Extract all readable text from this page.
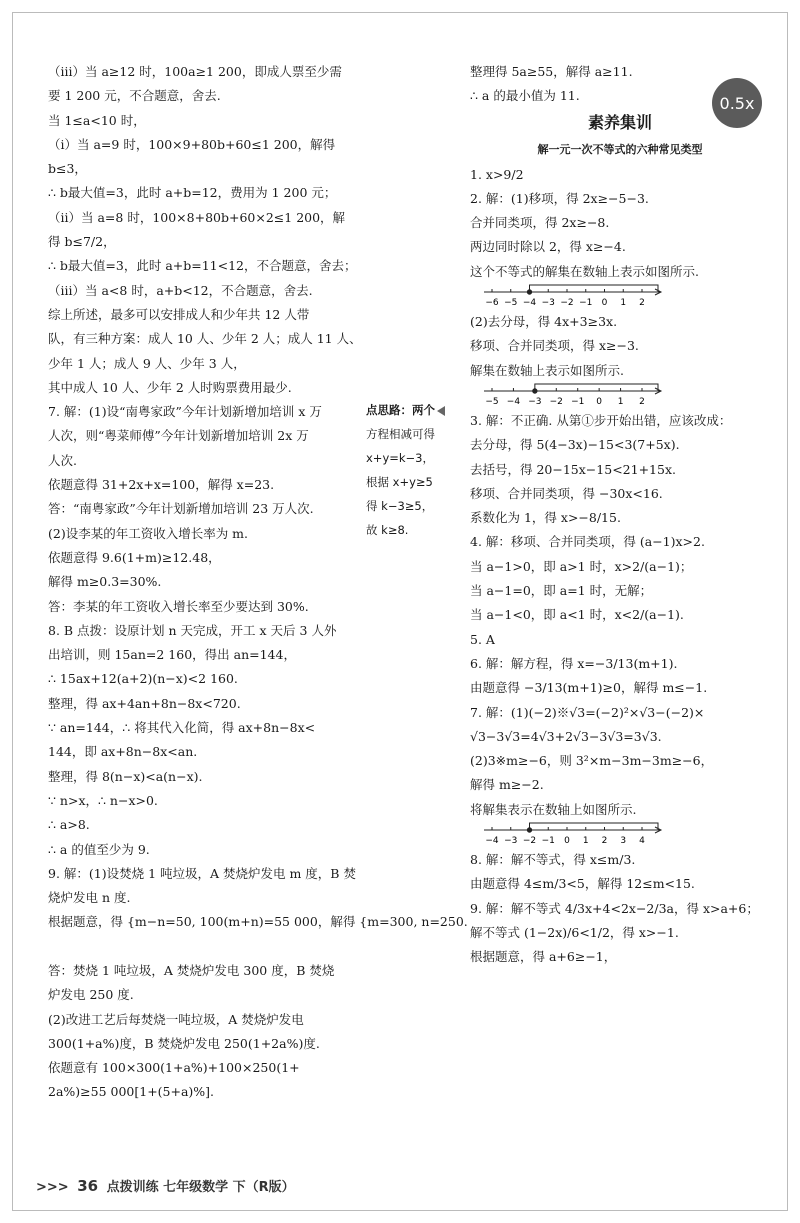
（ⅲ）当 a≥12 时，100a≥1 200，即成人票至少需
要 1 200 元，不合题意，舍去.
当 1≤a<10 时，
（ⅰ）当 a=9 时，100×9+80b+60≤1 200，解得
b≤3，
∴ b最大值=3，此时 a+b=12，费用为 1 200 元；
（ⅱ）当 a=8 时，100×8+80b+60×2≤1 200，解
得 b≤7/2，
∴ b最大值=3，此时 a+b=11<12，不合题意，舍去；
（ⅲ）当 a<8 时，a+b<12，不合题意，舍去.
综上所述，最多可以安排成人和少年共 12 人带
队，有三种方案：成人 10 人、少年 2 人；成人 11 人、
少年 1 人；成人 9 人、少年 3 人，
其中成人 10 人、少年 2 人时购票费用最少.
7. 解：(1)设“南粤家政”今年计划新增加培训 x 万
人次，则“粤菜师傅”今年计划新增加培训 2x 万
人次.
依题意得 31+2x+x=100，解得 x=23.
答：“南粤家政”今年计划新增加培训 23 万人次.
(2)设李某的年工资收入增长率为 m.
依题意得 9.6(1+m)≥12.48，
解得 m≥0.3=30%.
答：李某的年工资收入增长率至少要达到 30%.
8. B 点拨：设原计划 n 天完成，开工 x 天后 3 人外
出培训，则 15an=2 160，得出 an=144，
∴ 15ax+12(a+2)(n−x)<2 160.
整理，得 ax+4an+8n−8x<720.
∵ an=144，∴ 将其代入化简，得 ax+8n−8x<
144，即 ax+8n−8x<an.
整理，得 8(n−x)<a(n−x).
∵ n>x，∴ n−x>0.
∴ a>8.
∴ a 的值至少为 9.
9. 解：(1)设焚烧 1 吨垃圾，A 焚烧炉发电 m 度，B 焚
烧炉发电 n 度.
根据题意，得 {m−n=50, 100(m+n)=55 000，解得 {m=300, n=250.

答：焚烧 1 吨垃圾，A 焚烧炉发电 300 度，B 焚烧
炉发电 250 度.
(2)改进工艺后每焚烧一吨垃圾，A 焚烧炉发电
300(1+a%)度，B 焚烧炉发电 250(1+2a%)度.
依题意有 100×300(1+a%)+100×250(1+
2a%)≥55 000[1+(5+a)%].
点思路：两个
方程相减可得
x+y=k−3，
根据 x+y≥5
得 k−3≥5，
故 k≥8.
整理得 5a≥55，解得 a≥11.
∴ a 的最小值为 11.
素养集训
解一元一次不等式的六种常见类型
1. x>9/2
2. 解：(1)移项，得 2x≥−5−3.
合并同类项，得 2x≥−8.
两边同时除以 2，得 x≥−4.
这个不等式的解集在数轴上表示如图所示.
−6 −5 −4 −3 −2 −1 0 1 2
(2)去分母，得 4x+3≥3x.
移项、合并同类项，得 x≥−3.
解集在数轴上表示如图所示.
−5 −4 −3 −2 −1 0 1 2
3. 解：不正确. 从第①步开始出错，应该改成：
去分母，得 5(4−3x)−15<3(7+5x).
去括号，得 20−15x−15<21+15x.
移项、合并同类项，得 −30x<16.
系数化为 1，得 x>−8/15.
4. 解：移项、合并同类项，得 (a−1)x>2.
当 a−1>0，即 a>1 时，x>2/(a−1)；
当 a−1=0，即 a=1 时，无解；
当 a−1<0，即 a<1 时，x<2/(a−1).
5. A
6. 解：解方程，得 x=−3/13(m+1).
由题意得 −3/13(m+1)≥0，解得 m≤−1.
7. 解：(1)(−2)※√3=(−2)²×√3−(−2)×
√3−3√3=4√3+2√3−3√3=3√3.
(2)3※m≥−6，则 3²×m−3m−3m≥−6，
解得 m≥−2.
将解集表示在数轴上如图所示.
−4 −3 −2 −1 0 1 2 3 4
8. 解：解不等式，得 x≤m/3.
由题意得 4≤m/3<5，解得 12≤m<15.
9. 解：解不等式 4/3x+4<2x−2/3a，得 x>a+6；
解不等式 (1−2x)/6<1/2，得 x>−1.
根据题意，得 a+6≥−1，
0.5x
>>> 36 点拨训练 七年级数学 下（R版）
